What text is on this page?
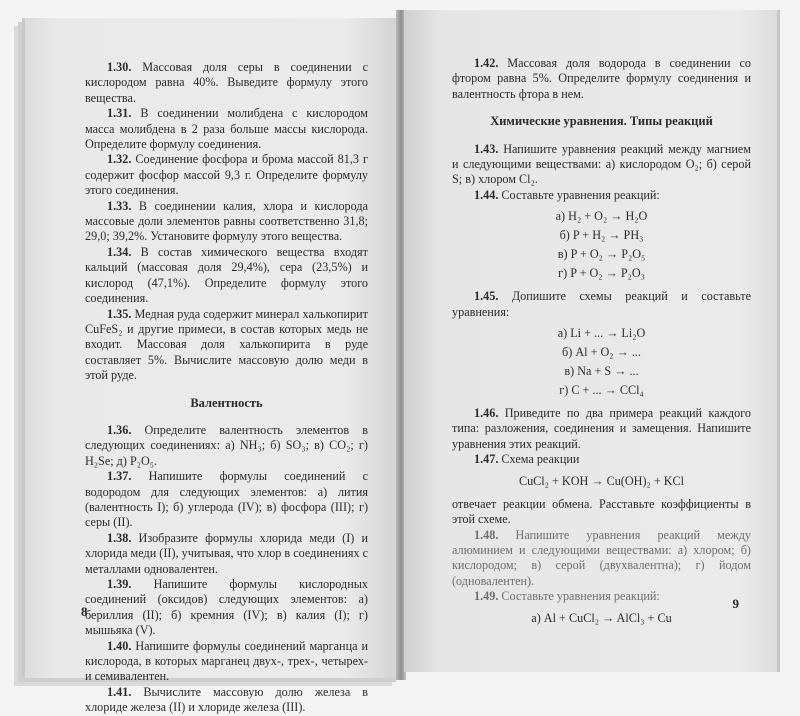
1.30. Массовая доля серы в соединении с кислородом равна 40%. Выведите формулу этого вещества.

1.31. В соединении молибдена с кислородом масса молибдена в 2 раза больше массы кислорода. Определите формулу соединения.

1.32. Соединение фосфора и брома массой 81,3 г содержит фосфор массой 9,3 г. Определите формулу этого соединения.

1.33. В соединении калия, хлора и кислорода массовые доли элементов равны соответственно 31,8; 29,0; 39,2%. Установите формулу этого вещества.

1.34. В состав химического вещества входят кальций (массовая доля 29,4%), сера (23,5%) и кислород (47,1%). Определите формулу этого соединения.

1.35. Медная руда содержит минерал халькопирит CuFeS₂ и другие примеси, в состав которых медь не входит. Массовая доля халькопирита в руде составляет 5%. Вычислите массовую долю меди в этой руде.

Валентность

1.36. Определите валентность элементов в следующих соединениях: а) NH₃; б) SO₃; в) CO₂; г) H₂Se; д) P₂O₅.

1.37. Напишите формулы соединений с водородом для следующих элементов: а) лития (валентность I); б) углерода (IV); в) фосфора (III); г) серы (II).

1.38. Изобразите формулы хлорида меди (I) и хлорида меди (II), учитывая, что хлор в соединениях с металлами одновалентен.

1.39. Напишите формулы кислородных соединений (оксидов) следующих элементов: а) бериллия (II); б) кремния (IV); в) калия (I); г) мышьяка (V).

1.40. Напишите формулы соединений марганца и кислорода, в которых марганец двух-, трех-, четырех- и семивалентен.

1.41. Вычислите массовую долю железа в хлориде железа (II) и хлориде железа (III).

8

1.42. Массовая доля водорода в соединении со фтором равна 5%. Определите формулу соединения и валентность фтора в нем.

Химические уравнения. Типы реакций

1.43. Напишите уравнения реакций между магнием и следующими веществами: а) кислородом O₂; б) серой S; в) хлором Cl₂.

1.44. Составьте уравнения реакций:

а) H₂ + O₂ → H₂O

б) P + H₂ → PH₃

в) P + O₂ → P₂O₅

г) P + O₂ → P₂O₃

1.45. Допишите схемы реакций и составьте уравнения:

а) Li + ... → Li₂O

б) Al + O₂ → ...

в) Na + S → ...

г) C + ... → CCl₄

1.46. Приведите по два примера реакций каждого типа: разложения, соединения и замещения. Напишите уравнения этих реакций.

1.47. Схема реакции

CuCl₂ + KOH → Cu(OH)₂ + KCl

отвечает реакции обмена. Расставьте коэффициенты в этой схеме.

1.48. Напишите уравнения реакций между алюминием и следующими веществами: а) хлором; б) кислородом; в) серой (двухвалентна); г) йодом (одновалентен).

1.49. Составьте уравнения реакций:

а) Al + CuCl₂ → AlCl₃ + Cu

9
